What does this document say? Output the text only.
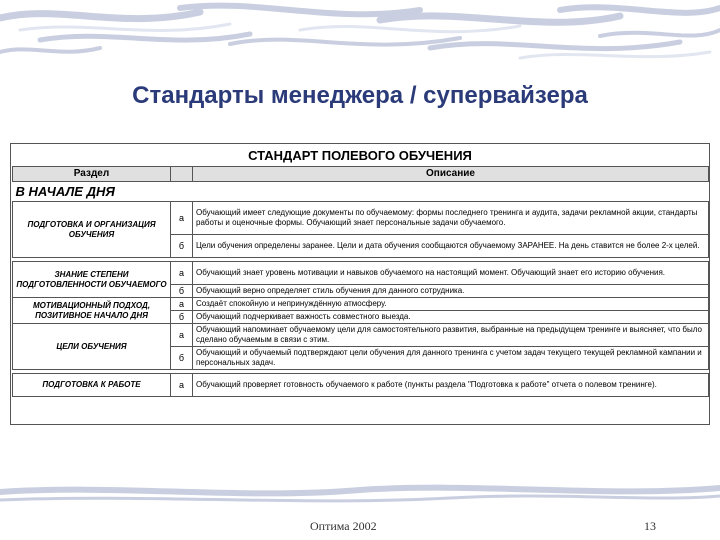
Стандарты менеджера / супервайзера
СТАНДАРТ ПОЛЕВОГО ОБУЧЕНИЯ
Раздел		Описание
В НАЧАЛЕ ДНЯ		
ПОДГОТОВКА И ОРГАНИЗАЦИЯ ОБУЧЕНИЯ	а	Обучающий имеет следующие документы по обучаемому: формы последнего тренинга и аудита, задачи рекламной акции, стандарты работы и оценочные формы. Обучающий знает персональные задачи обучаемого.
	б	Цели обучения определены заранее. Цели и дата обучения сообщаются обучаемому ЗАРАНЕЕ. На день ставится не более 2-х целей.

ЗНАНИЕ СТЕПЕНИ ПОДГОТОВЛЕННОСТИ ОБУЧАЕМОГО	а	Обучающий знает уровень мотивации и навыков обучаемого на настоящий момент. Обучающий знает его историю обучения.
	б	Обучающий верно определяет стиль обучения для данного сотрудника.
МОТИВАЦИОННЫЙ ПОДХОД, ПОЗИТИВНОЕ НАЧАЛО ДНЯ	а	Создаёт спокойную и непринуждённую атмосферу.
	б	Обучающий подчеркивает важность совместного выезда.
ЦЕЛИ ОБУЧЕНИЯ	а	Обучающий напоминает обучаемому цели для самостоятельного развития, выбранные на предыдущем тренинге и выясняет, что было сделано обучаемым в связи с этим.
	б	Обучающий и обучаемый подтверждают цели обучения для данного тренинга с учетом задач текущего текущей рекламной кампании и персональных задач.

ПОДГОТОВКА К РАБОТЕ	а	Обучающий проверяет готовность обучаемого к работе (пункты раздела "Подготовка к работе" отчета о полевом тренинге).
Оптима 2002	13
